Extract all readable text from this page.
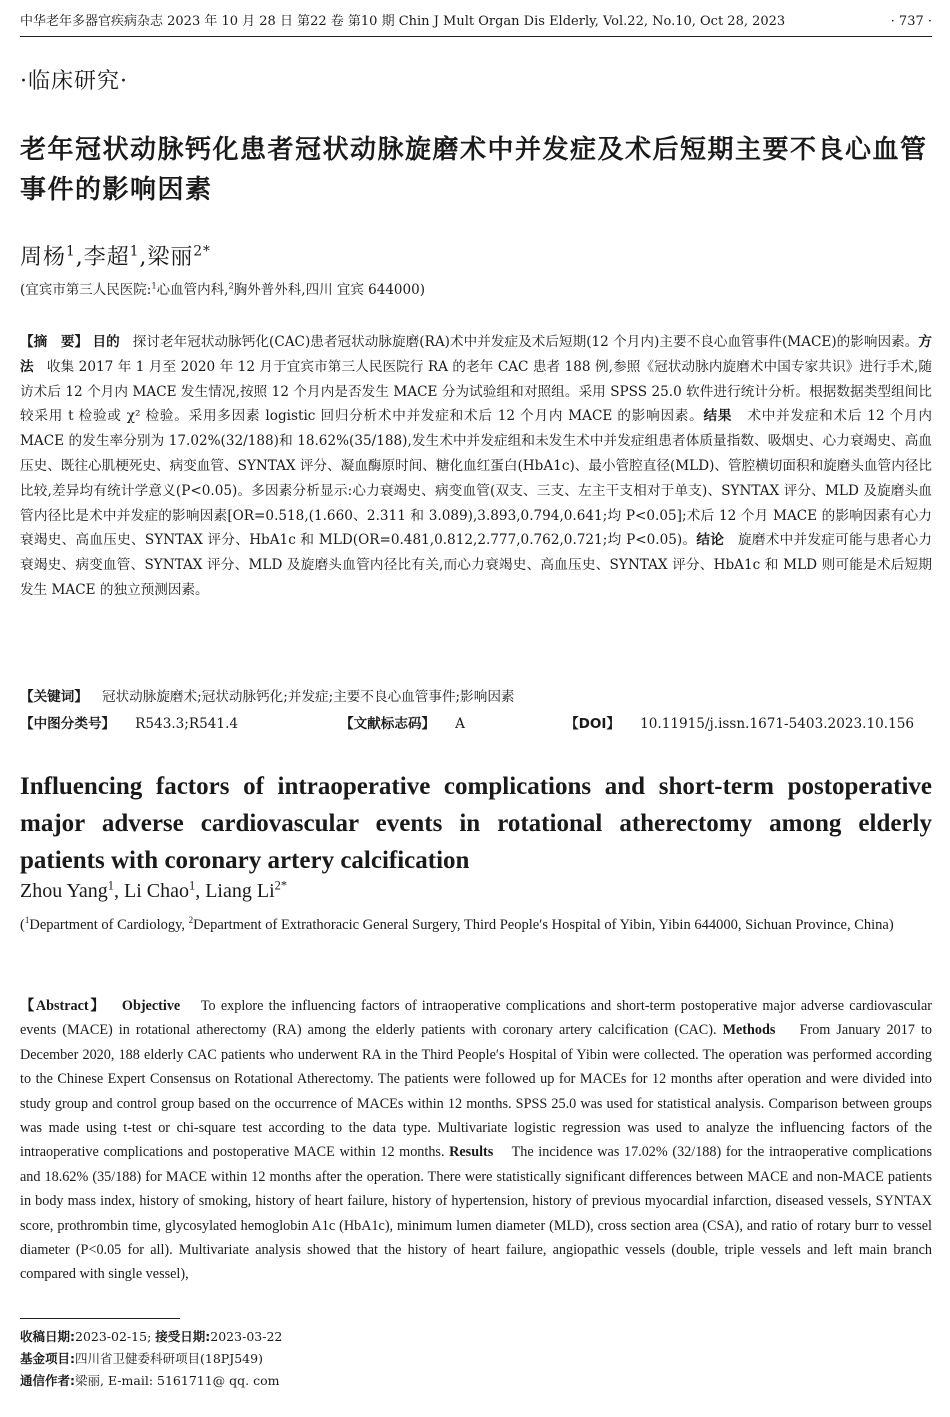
中华老年多器官疾病杂志 2023 年 10 月 28 日 第22 卷 第10 期 Chin J Mult Organ Dis Elderly, Vol.22, No.10, Oct 28, 2023	· 737 ·
·临床研究·
老年冠状动脉钙化患者冠状动脉旋磨术中并发症及术后短期主要不良心血管事件的影响因素
周杨$^1$,李超$^1$,梁丽$^{2*}$
(宜宾市第三人民医院:$^1$心血管内科,$^2$胸外普外科,四川 宜宾 644000)

【摘　要】 目的 探讨老年冠状动脉钙化(CAC)患者冠状动脉旋磨(RA)术中并发症及术后短期(12 个月内)主要不良心血管事件(MACE)的影响因素。方法 收集 2017 年 1 月至 2020 年 12 月于宜宾市第三人民医院行 RA 的老年 CAC 患者 188 例,参照《冠状动脉内旋磨术中国专家共识》进行手术,随访术后 12 个月内 MACE 发生情况,按照 12 个月内是否发生 MACE 分为试验组和对照组。采用 SPSS 25.0 软件进行统计分析。根据数据类型组间比较采用 t 检验或 χ² 检验。采用多因素 logistic 回归分析术中并发症和术后 12 个月内 MACE 的影响因素。结果 术中并发症和术后 12 个月内 MACE 的发生率分别为 17.02%(32/188)和 18.62%(35/188),发生术中并发症组和未发生术中并发症组患者体质量指数、吸烟史、心力衰竭史、高血压史、既往心肌梗死史、病变血管、SYNTAX 评分、凝血酶原时间、糖化血红蛋白(HbA1c)、最小管腔直径(MLD)、管腔横切面积和旋磨头血管内径比比较,差异均有统计学意义(P<0.05)。多因素分析显示:心力衰竭史、病变血管(双支、三支、左主干支相对于单支)、SYNTAX 评分、MLD 及旋磨头血管内径比是术中并发症的影响因素[OR=0.518,(1.660、2.311 和 3.089),3.893,0.794,0.641;均 P<0.05];术后 12 个月 MACE 的影响因素有心力衰竭史、高血压史、SYNTAX 评分、HbA1c 和 MLD(OR=0.481,0.812,2.777,0.762,0.721;均 P<0.05)。结论 旋磨术中并发症可能与患者心力衰竭史、病变血管、SYNTAX 评分、MLD 及旋磨头血管内径比有关,而心力衰竭史、高血压史、SYNTAX 评分、HbA1c 和 MLD 则可能是术后短期发生 MACE 的独立预测因素。

【关键词】 冠状动脉旋磨术;冠状动脉钙化;并发症;主要不良心血管事件;影响因素
【中图分类号】 R543.3;R541.4	【文献标志码】 A	【DOI】 10.11915/j.issn.1671-5403.2023.10.156
Influencing factors of intraoperative complications and short-term postoperative major adverse cardiovascular events in rotational atherectomy among elderly patients with coronary artery calcification
Zhou Yang$^1$, Li Chao$^1$, Liang $Li^{2*}$
($^1$Department of Cardiology, $^2$Department of Extrathoracic General Surgery, Third People′s Hospital of Yibin, Yibin 644000, Sichuan Province, China)

【Abstract】 Objective To explore the influencing factors of intraoperative complications and short-term postoperative major adverse cardiovascular events (MACE) in rotational atherectomy (RA) among the elderly patients with coronary artery calcification (CAC). Methods From January 2017 to December 2020, 188 elderly CAC patients who underwent RA in the Third People′s Hospital of Yibin were collected. The operation was performed according to the Chinese Expert Consensus on Rotational Atherectomy. The patients were followed up for MACEs for 12 months after operation and were divided into study group and control group based on the occurrence of MACEs within 12 months. SPSS 25.0 was used for statistical analysis. Comparison between groups was made using t-test or chi-square test according to the data type. Multivariate logistic regression was used to analyze the influencing factors of the intraoperative complications and postoperative MACE within 12 months. Results The incidence was 17.02% (32/188) for the intraoperative complications and 18.62% (35/188) for MACE within 12 months after the operation. There were statistically significant differences between MACE and non-MACE patients in body mass index, history of smoking, history of heart failure, history of hypertension, history of previous myocardial infarction, diseased vessels, SYNTAX score, prothrombin time, glycosylated hemoglobin A1c (HbA1c), minimum lumen diameter (MLD), cross section area (CSA), and ratio of rotary burr to vessel diameter (P<0.05 for all). Multivariate analysis showed that the history of heart failure, angiopathic vessels (double, triple vessels and left main branch compared with single vessel),

收稿日期:2023-02-15; 接受日期:2023-03-22
基金项目:四川省卫健委科研项目(18PJ549)
通信作者:梁丽, E-mail: 5161711@ qq. com
